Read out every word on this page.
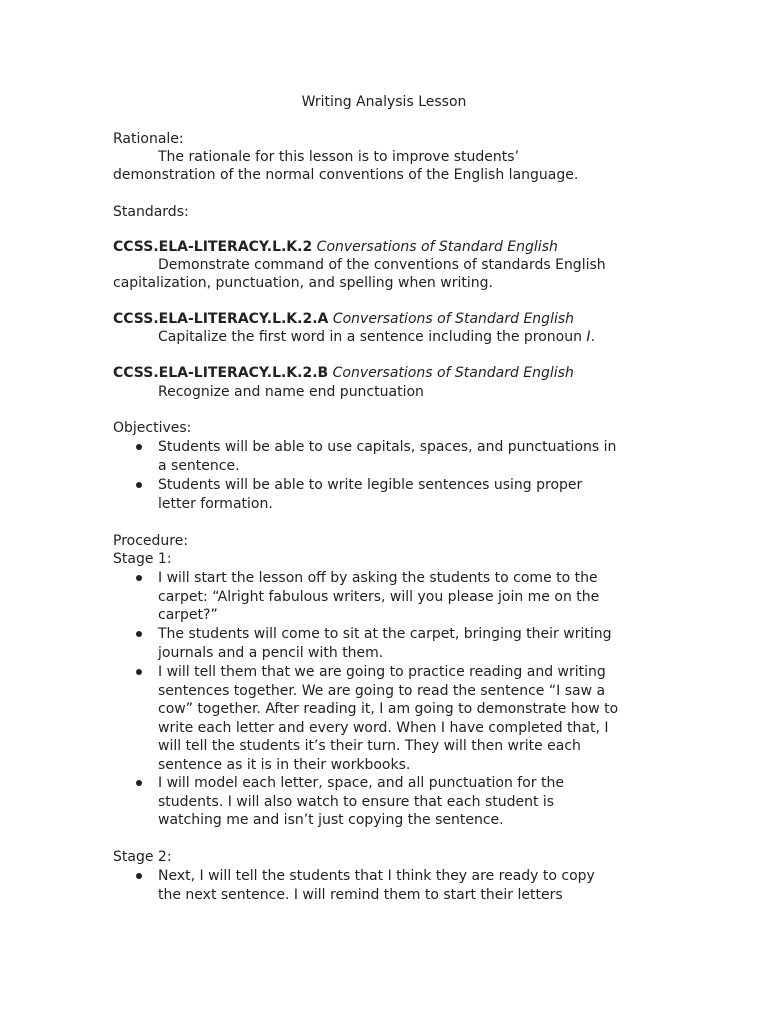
Writing Analysis Lesson
Rationale:
The rationale for this lesson is to improve students’
demonstration of the normal conventions of the English language.
Standards:
CCSS.ELA-LITERACY.L.K.2 Conversations of Standard English
Demonstrate command of the conventions of standards English
capitalization, punctuation, and spelling when writing.
CCSS.ELA-LITERACY.L.K.2.A Conversations of Standard English
Capitalize the first word in a sentence including the pronoun I.
CCSS.ELA-LITERACY.L.K.2.B Conversations of Standard English
Recognize and name end punctuation
Objectives:
Students will be able to use capitals, spaces, and punctuations in
a sentence.
Students will be able to write legible sentences using proper
letter formation.
Procedure:
Stage 1:
I will start the lesson off by asking the students to come to the
carpet: “Alright fabulous writers, will you please join me on the
carpet?”
The students will come to sit at the carpet, bringing their writing
journals and a pencil with them.
I will tell them that we are going to practice reading and writing
sentences together. We are going to read the sentence “I saw a
cow” together. After reading it, I am going to demonstrate how to
write each letter and every word. When I have completed that, I
will tell the students it’s their turn. They will then write each
sentence as it is in their workbooks.
I will model each letter, space, and all punctuation for the
students. I will also watch to ensure that each student is
watching me and isn’t just copying the sentence.
Stage 2:
Next, I will tell the students that I think they are ready to copy
the next sentence. I will remind them to start their letters
